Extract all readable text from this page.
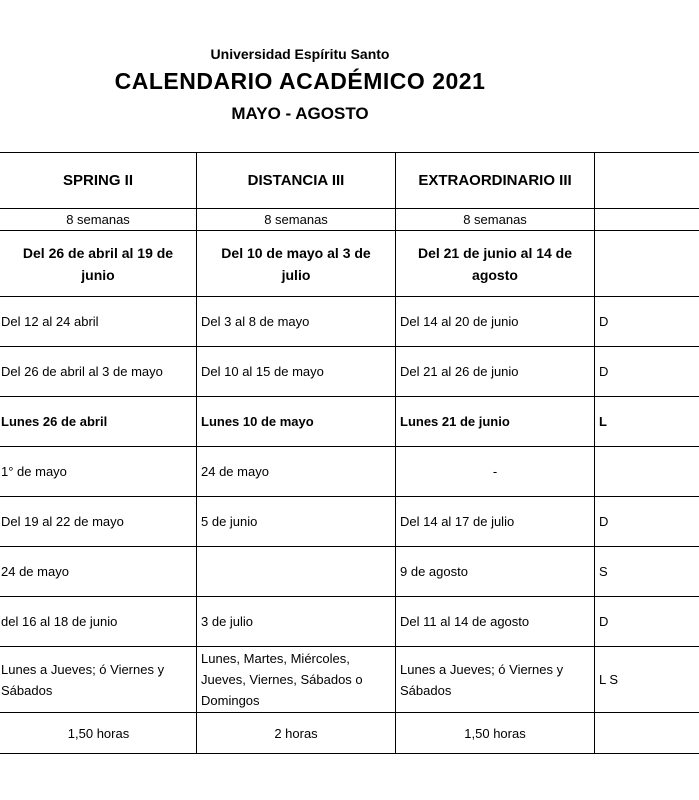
Universidad Espíritu Santo
CALENDARIO ACADÉMICO 2021
MAYO - AGOSTO
SPRING II
8 semanas
Del 26 de abril al 19 de junio
Del 12 al 24 abril
Del 26 de abril al 3 de mayo
Lunes 26 de abril
1° de mayo
Del 19 al 22 de mayo
24 de mayo
del 16 al 18 de junio
Lunes a Jueves; ó Viernes y Sábados
1,50 horas
DISTANCIA III
8 semanas
Del 10 de mayo al 3 de julio
Del 3 al 8 de mayo
Del 10 al 15 de mayo
Lunes 10 de mayo
24 de mayo
5 de junio
3 de julio
Lunes, Martes, Miércoles, Jueves, Viernes, Sábados o Domingos
2 horas
EXTRAORDINARIO III
8 semanas
Del 21 de junio al 14 de agosto
Del 14 al 20 de junio
Del 21 al 26 de junio
Lunes 21 de junio
-
Del 14 al 17 de julio
9 de agosto
Del 11 al 14 de agosto
Lunes a Jueves; ó Viernes y Sábados
1,50 horas
D
D
L
D
S
D
L S
